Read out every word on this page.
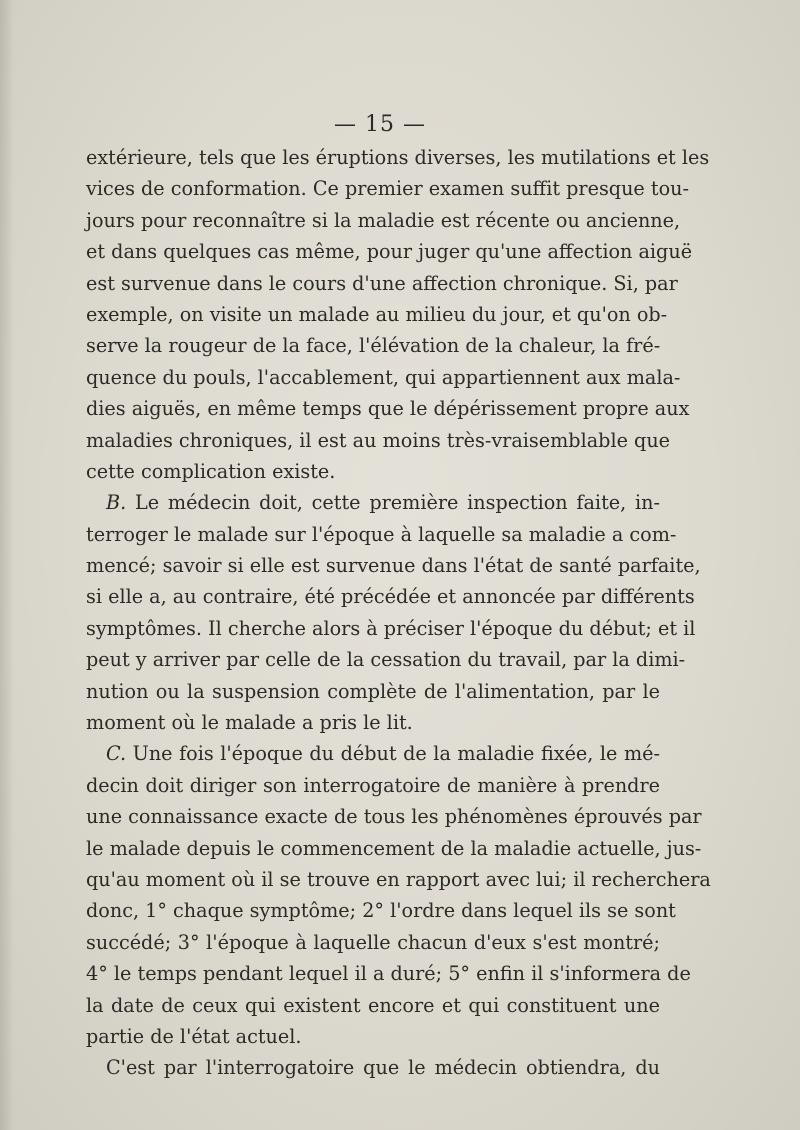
— 15 —
extérieure, tels que les éruptions diverses, les mutilations et les
vices de conformation. Ce premier examen suffit presque tou-
jours pour reconnaître si la maladie est récente ou ancienne,
et dans quelques cas même, pour juger qu'une affection aiguë
est survenue dans le cours d'une affection chronique. Si, par
exemple, on visite un malade au milieu du jour, et qu'on ob-
serve la rougeur de la face, l'élévation de la chaleur, la fré-
quence du pouls, l'accablement, qui appartiennent aux mala-
dies aiguës, en même temps que le dépérissement propre aux
maladies chroniques, il est au moins très-vraisemblable que
cette complication existe.
B. Le médecin doit, cette première inspection faite, in-
terroger le malade sur l'époque à laquelle sa maladie a com-
mencé; savoir si elle est survenue dans l'état de santé parfaite,
si elle a, au contraire, été précédée et annoncée par différents
symptômes. Il cherche alors à préciser l'époque du début; et il
peut y arriver par celle de la cessation du travail, par la dimi-
nution ou la suspension complète de l'alimentation, par le
moment où le malade a pris le lit.
C. Une fois l'époque du début de la maladie fixée, le mé-
decin doit diriger son interrogatoire de manière à prendre
une connaissance exacte de tous les phénomènes éprouvés par
le malade depuis le commencement de la maladie actuelle, jus-
qu'au moment où il se trouve en rapport avec lui; il recherchera
donc, 1° chaque symptôme; 2° l'ordre dans lequel ils se sont
succédé; 3° l'époque à laquelle chacun d'eux s'est montré;
4° le temps pendant lequel il a duré; 5° enfin il s'informera de
la date de ceux qui existent encore et qui constituent une
partie de l'état actuel.
C'est par l'interrogatoire que le médecin obtiendra, du
